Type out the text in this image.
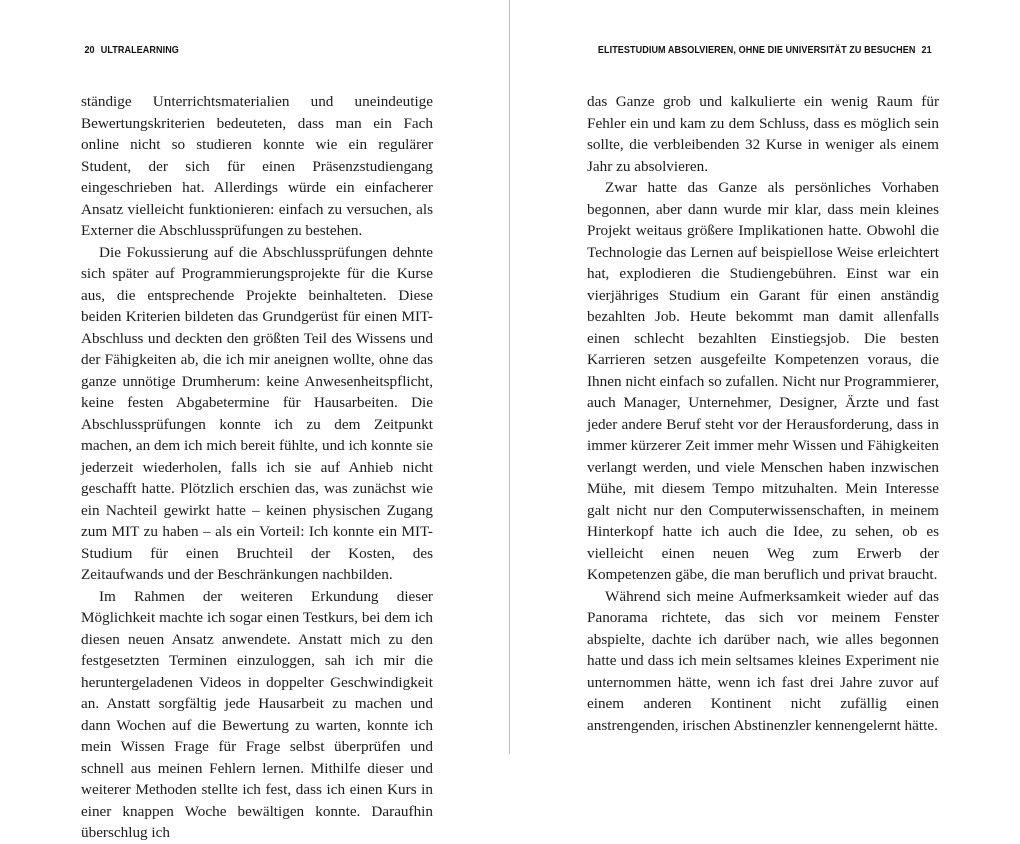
20 ULTRALEARNING

ständige Unterrichtsmaterialien und uneindeutige Bewertungskriterien bedeuteten, dass man ein Fach online nicht so studieren konnte wie ein regulärer Student, der sich für einen Präsenzstudiengang eingeschrieben hat. Allerdings würde ein einfacherer Ansatz vielleicht funktionieren: einfach zu versuchen, als Externer die Abschlussprüfungen zu bestehen.

Die Fokussierung auf die Abschlussprüfungen dehnte sich später auf Programmierungsprojekte für die Kurse aus, die entsprechende Projekte beinhalteten. Diese beiden Kriterien bildeten das Grundgerüst für einen MIT-Abschluss und deckten den größten Teil des Wissens und der Fähigkeiten ab, die ich mir aneignen wollte, ohne das ganze unnötige Drumherum: keine Anwesenheitspflicht, keine festen Abgabetermine für Hausarbeiten. Die Abschlussprüfungen konnte ich zu dem Zeitpunkt machen, an dem ich mich bereit fühlte, und ich konnte sie jederzeit wiederholen, falls ich sie auf Anhieb nicht geschafft hatte. Plötzlich erschien das, was zunächst wie ein Nachteil gewirkt hatte – keinen physischen Zugang zum MIT zu haben – als ein Vorteil: Ich konnte ein MIT-Studium für einen Bruchteil der Kosten, des Zeitaufwands und der Beschränkungen nachbilden.

Im Rahmen der weiteren Erkundung dieser Möglichkeit machte ich sogar einen Testkurs, bei dem ich diesen neuen Ansatz anwendete. Anstatt mich zu den festgesetzten Terminen einzuloggen, sah ich mir die heruntergeladenen Videos in doppelter Geschwindigkeit an. Anstatt sorgfältig jede Hausarbeit zu machen und dann Wochen auf die Bewertung zu warten, konnte ich mein Wissen Frage für Frage selbst überprüfen und schnell aus meinen Fehlern lernen. Mithilfe dieser und weiterer Methoden stellte ich fest, dass ich einen Kurs in einer knappen Woche bewältigen konnte. Daraufhin überschlug ich

ELITESTUDIUM ABSOLVIEREN, OHNE DIE UNIVERSITÄT ZU BESUCHEN 21

das Ganze grob und kalkulierte ein wenig Raum für Fehler ein und kam zu dem Schluss, dass es möglich sein sollte, die verbleibenden 32 Kurse in weniger als einem Jahr zu absolvieren.

Zwar hatte das Ganze als persönliches Vorhaben begonnen, aber dann wurde mir klar, dass mein kleines Projekt weitaus größere Implikationen hatte. Obwohl die Technologie das Lernen auf beispiellose Weise erleichtert hat, explodieren die Studiengebühren. Einst war ein vierjähriges Studium ein Garant für einen anständig bezahlten Job. Heute bekommt man damit allenfalls einen schlecht bezahlten Einstiegsjob. Die besten Karrieren setzen ausgefeilte Kompetenzen voraus, die Ihnen nicht einfach so zufallen. Nicht nur Programmierer, auch Manager, Unternehmer, Designer, Ärzte und fast jeder andere Beruf steht vor der Herausforderung, dass in immer kürzerer Zeit immer mehr Wissen und Fähigkeiten verlangt werden, und viele Menschen haben inzwischen Mühe, mit diesem Tempo mitzuhalten. Mein Interesse galt nicht nur den Computerwissenschaften, in meinem Hinterkopf hatte ich auch die Idee, zu sehen, ob es vielleicht einen neuen Weg zum Erwerb der Kompetenzen gäbe, die man beruflich und privat braucht.

Während sich meine Aufmerksamkeit wieder auf das Panorama richtete, das sich vor meinem Fenster abspielte, dachte ich darüber nach, wie alles begonnen hatte und dass ich mein seltsames kleines Experiment nie unternommen hätte, wenn ich fast drei Jahre zuvor auf einem anderen Kontinent nicht zufällig einen anstrengenden, irischen Abstinenzler kennengelernt hätte.
